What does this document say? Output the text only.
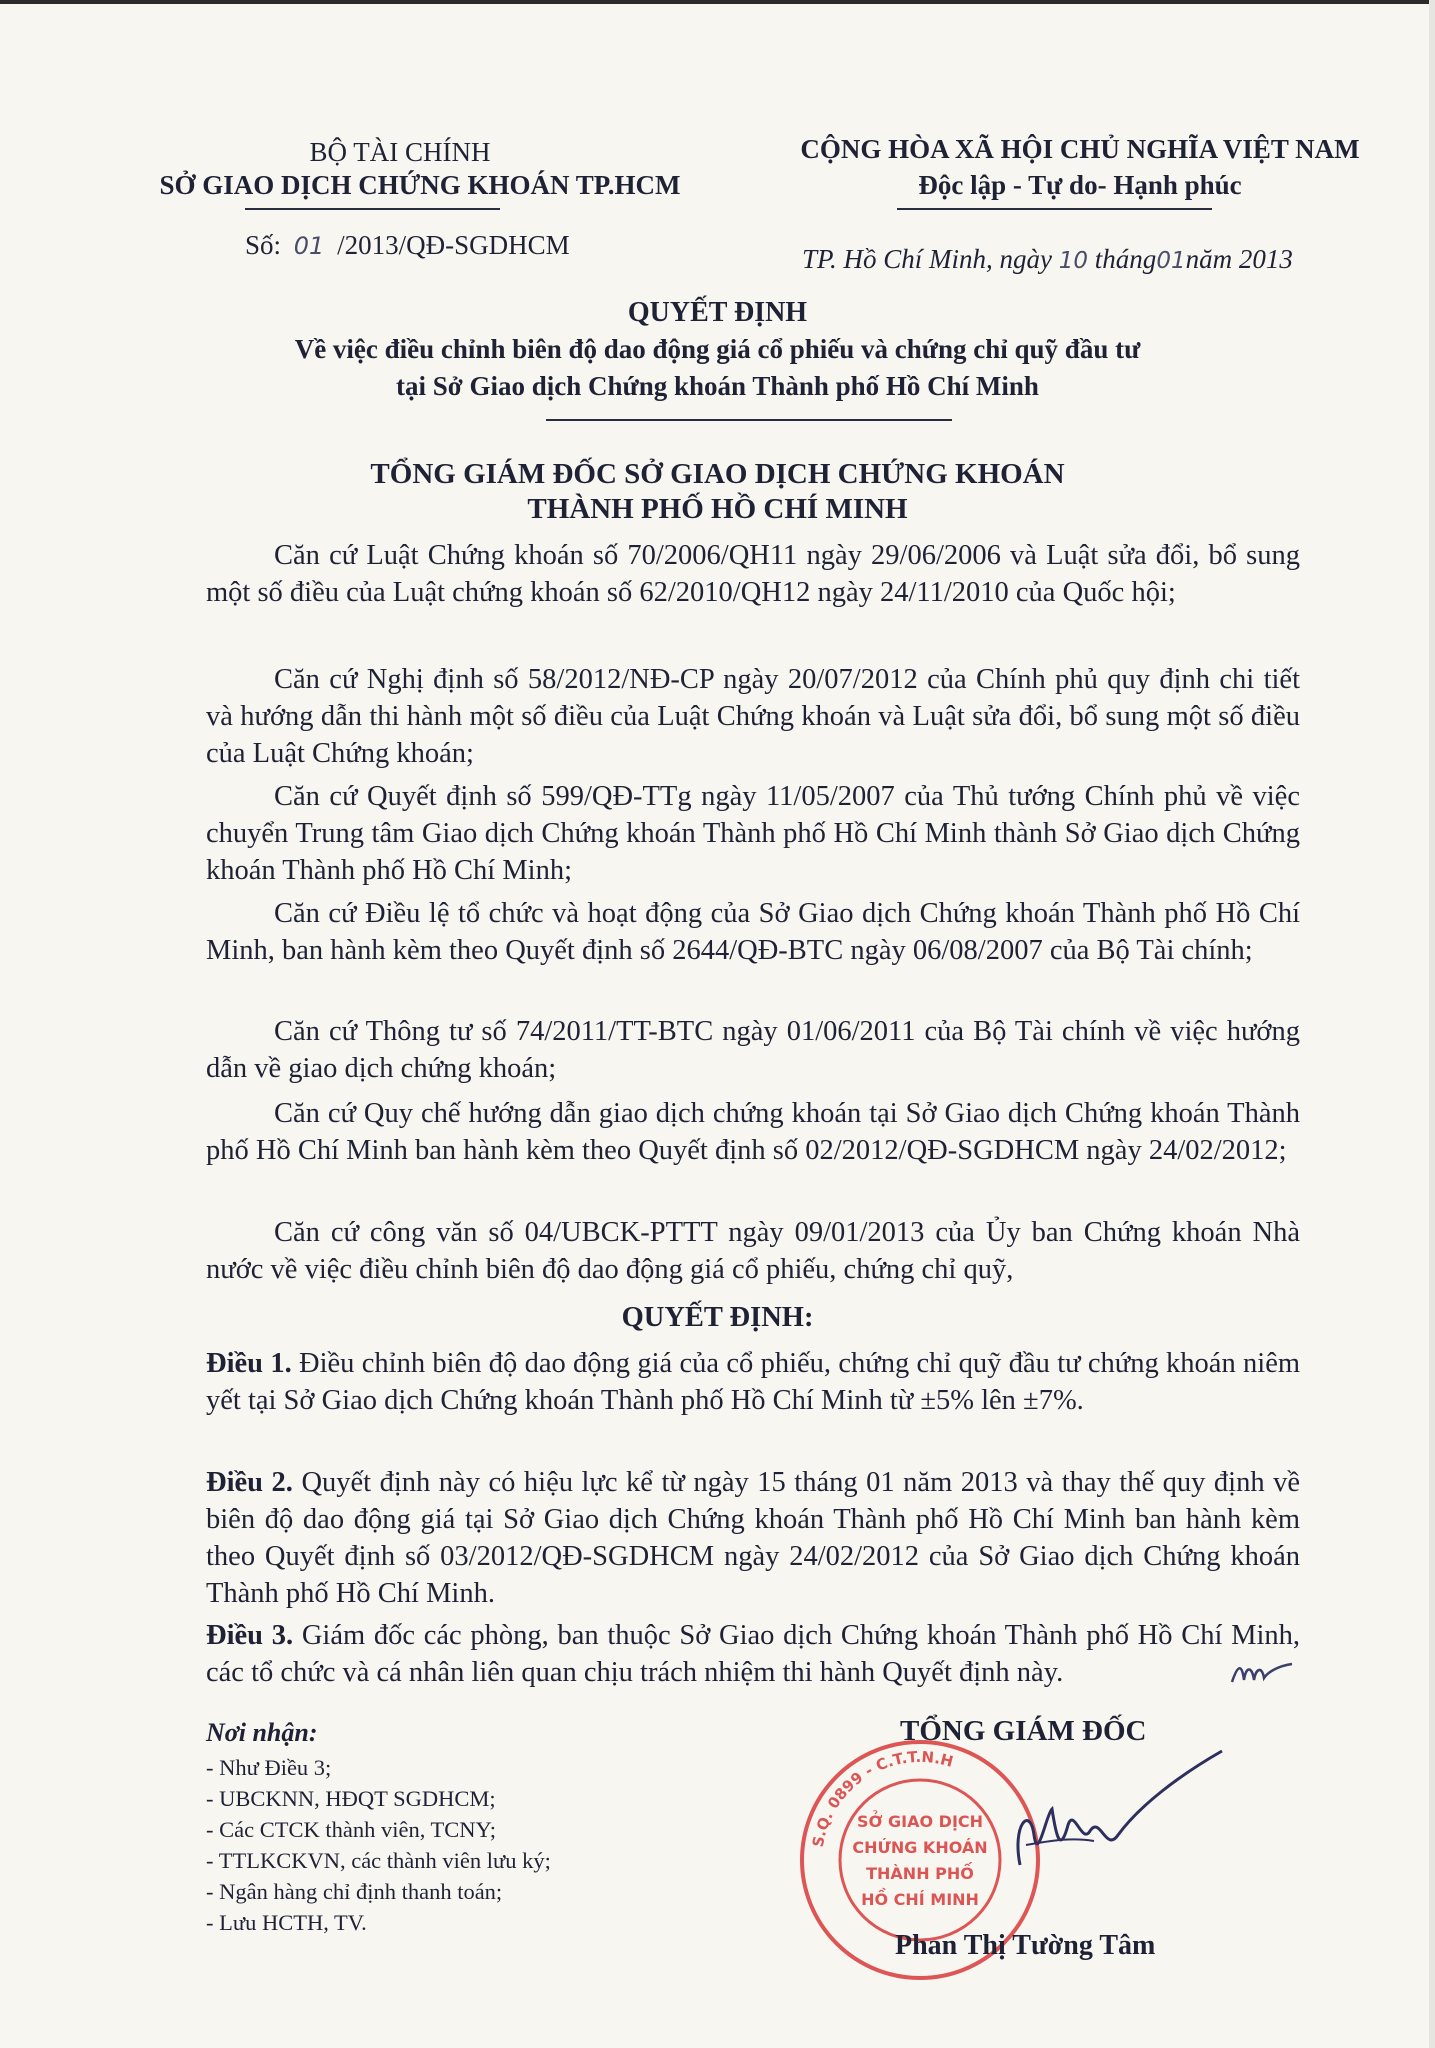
BỘ TÀI CHÍNH
SỞ GIAO DỊCH CHỨNG KHOÁN TP.HCM
Số: 01 /2013/QĐ-SGDHCM
CỘNG HÒA XÃ HỘI CHỦ NGHĨA VIỆT NAM
Độc lập - Tự do- Hạnh phúc
TP. Hồ Chí Minh, ngày 10 tháng01năm 2013
QUYẾT ĐỊNH
Về việc điều chỉnh biên độ dao động giá cổ phiếu và chứng chỉ quỹ đầu tư
tại Sở Giao dịch Chứng khoán Thành phố Hồ Chí Minh
TỔNG GIÁM ĐỐC SỞ GIAO DỊCH CHỨNG KHOÁN
THÀNH PHỐ HỒ CHÍ MINH
Căn cứ Luật Chứng khoán số 70/2006/QH11 ngày 29/06/2006 và Luật sửa đổi, bổ sung một số điều của Luật chứng khoán số 62/2010/QH12 ngày 24/11/2010 của Quốc hội;
Căn cứ Nghị định số 58/2012/NĐ-CP ngày 20/07/2012 của Chính phủ quy định chi tiết và hướng dẫn thi hành một số điều của Luật Chứng khoán và Luật sửa đổi, bổ sung một số điều của Luật Chứng khoán;
Căn cứ Quyết định số 599/QĐ-TTg ngày 11/05/2007 của Thủ tướng Chính phủ về việc chuyển Trung tâm Giao dịch Chứng khoán Thành phố Hồ Chí Minh thành Sở Giao dịch Chứng khoán Thành phố Hồ Chí Minh;
Căn cứ Điều lệ tổ chức và hoạt động của Sở Giao dịch Chứng khoán Thành phố Hồ Chí Minh, ban hành kèm theo Quyết định số 2644/QĐ-BTC ngày 06/08/2007 của Bộ Tài chính;
Căn cứ Thông tư số 74/2011/TT-BTC ngày 01/06/2011 của Bộ Tài chính về việc hướng dẫn về giao dịch chứng khoán;
Căn cứ Quy chế hướng dẫn giao dịch chứng khoán tại Sở Giao dịch Chứng khoán Thành phố Hồ Chí Minh ban hành kèm theo Quyết định số 02/2012/QĐ-SGDHCM ngày 24/02/2012;
Căn cứ công văn số 04/UBCK-PTTT ngày 09/01/2013 của Ủy ban Chứng khoán Nhà nước về việc điều chỉnh biên độ dao động giá cổ phiếu, chứng chỉ quỹ,
QUYẾT ĐỊNH:
Điều 1. Điều chỉnh biên độ dao động giá của cổ phiếu, chứng chỉ quỹ đầu tư chứng khoán niêm yết tại Sở Giao dịch Chứng khoán Thành phố Hồ Chí Minh từ ±5% lên ±7%.
Điều 2. Quyết định này có hiệu lực kể từ ngày 15 tháng 01 năm 2013 và thay thế quy định về biên độ dao động giá tại Sở Giao dịch Chứng khoán Thành phố Hồ Chí Minh ban hành kèm theo Quyết định số 03/2012/QĐ-SGDHCM ngày 24/02/2012 của Sở Giao dịch Chứng khoán Thành phố Hồ Chí Minh.
Điều 3. Giám đốc các phòng, ban thuộc Sở Giao dịch Chứng khoán Thành phố Hồ Chí Minh, các tổ chức và cá nhân liên quan chịu trách nhiệm thi hành Quyết định này.
Nơi nhận:
- Như Điều 3;
- UBCKNN, HĐQT SGDHCM;
- Các CTCK thành viên, TCNY;
- TTLKCKVN, các thành viên lưu ký;
- Ngân hàng chỉ định thanh toán;
- Lưu HCTH, TV.
TỔNG GIÁM ĐỐC
S.Q. 0899 - C.T.T.N.H
SỞ GIAO DỊCH
CHỨNG KHOÁN
THÀNH PHỐ
HỒ CHÍ MINH
Phan Thị Tường Tâm
